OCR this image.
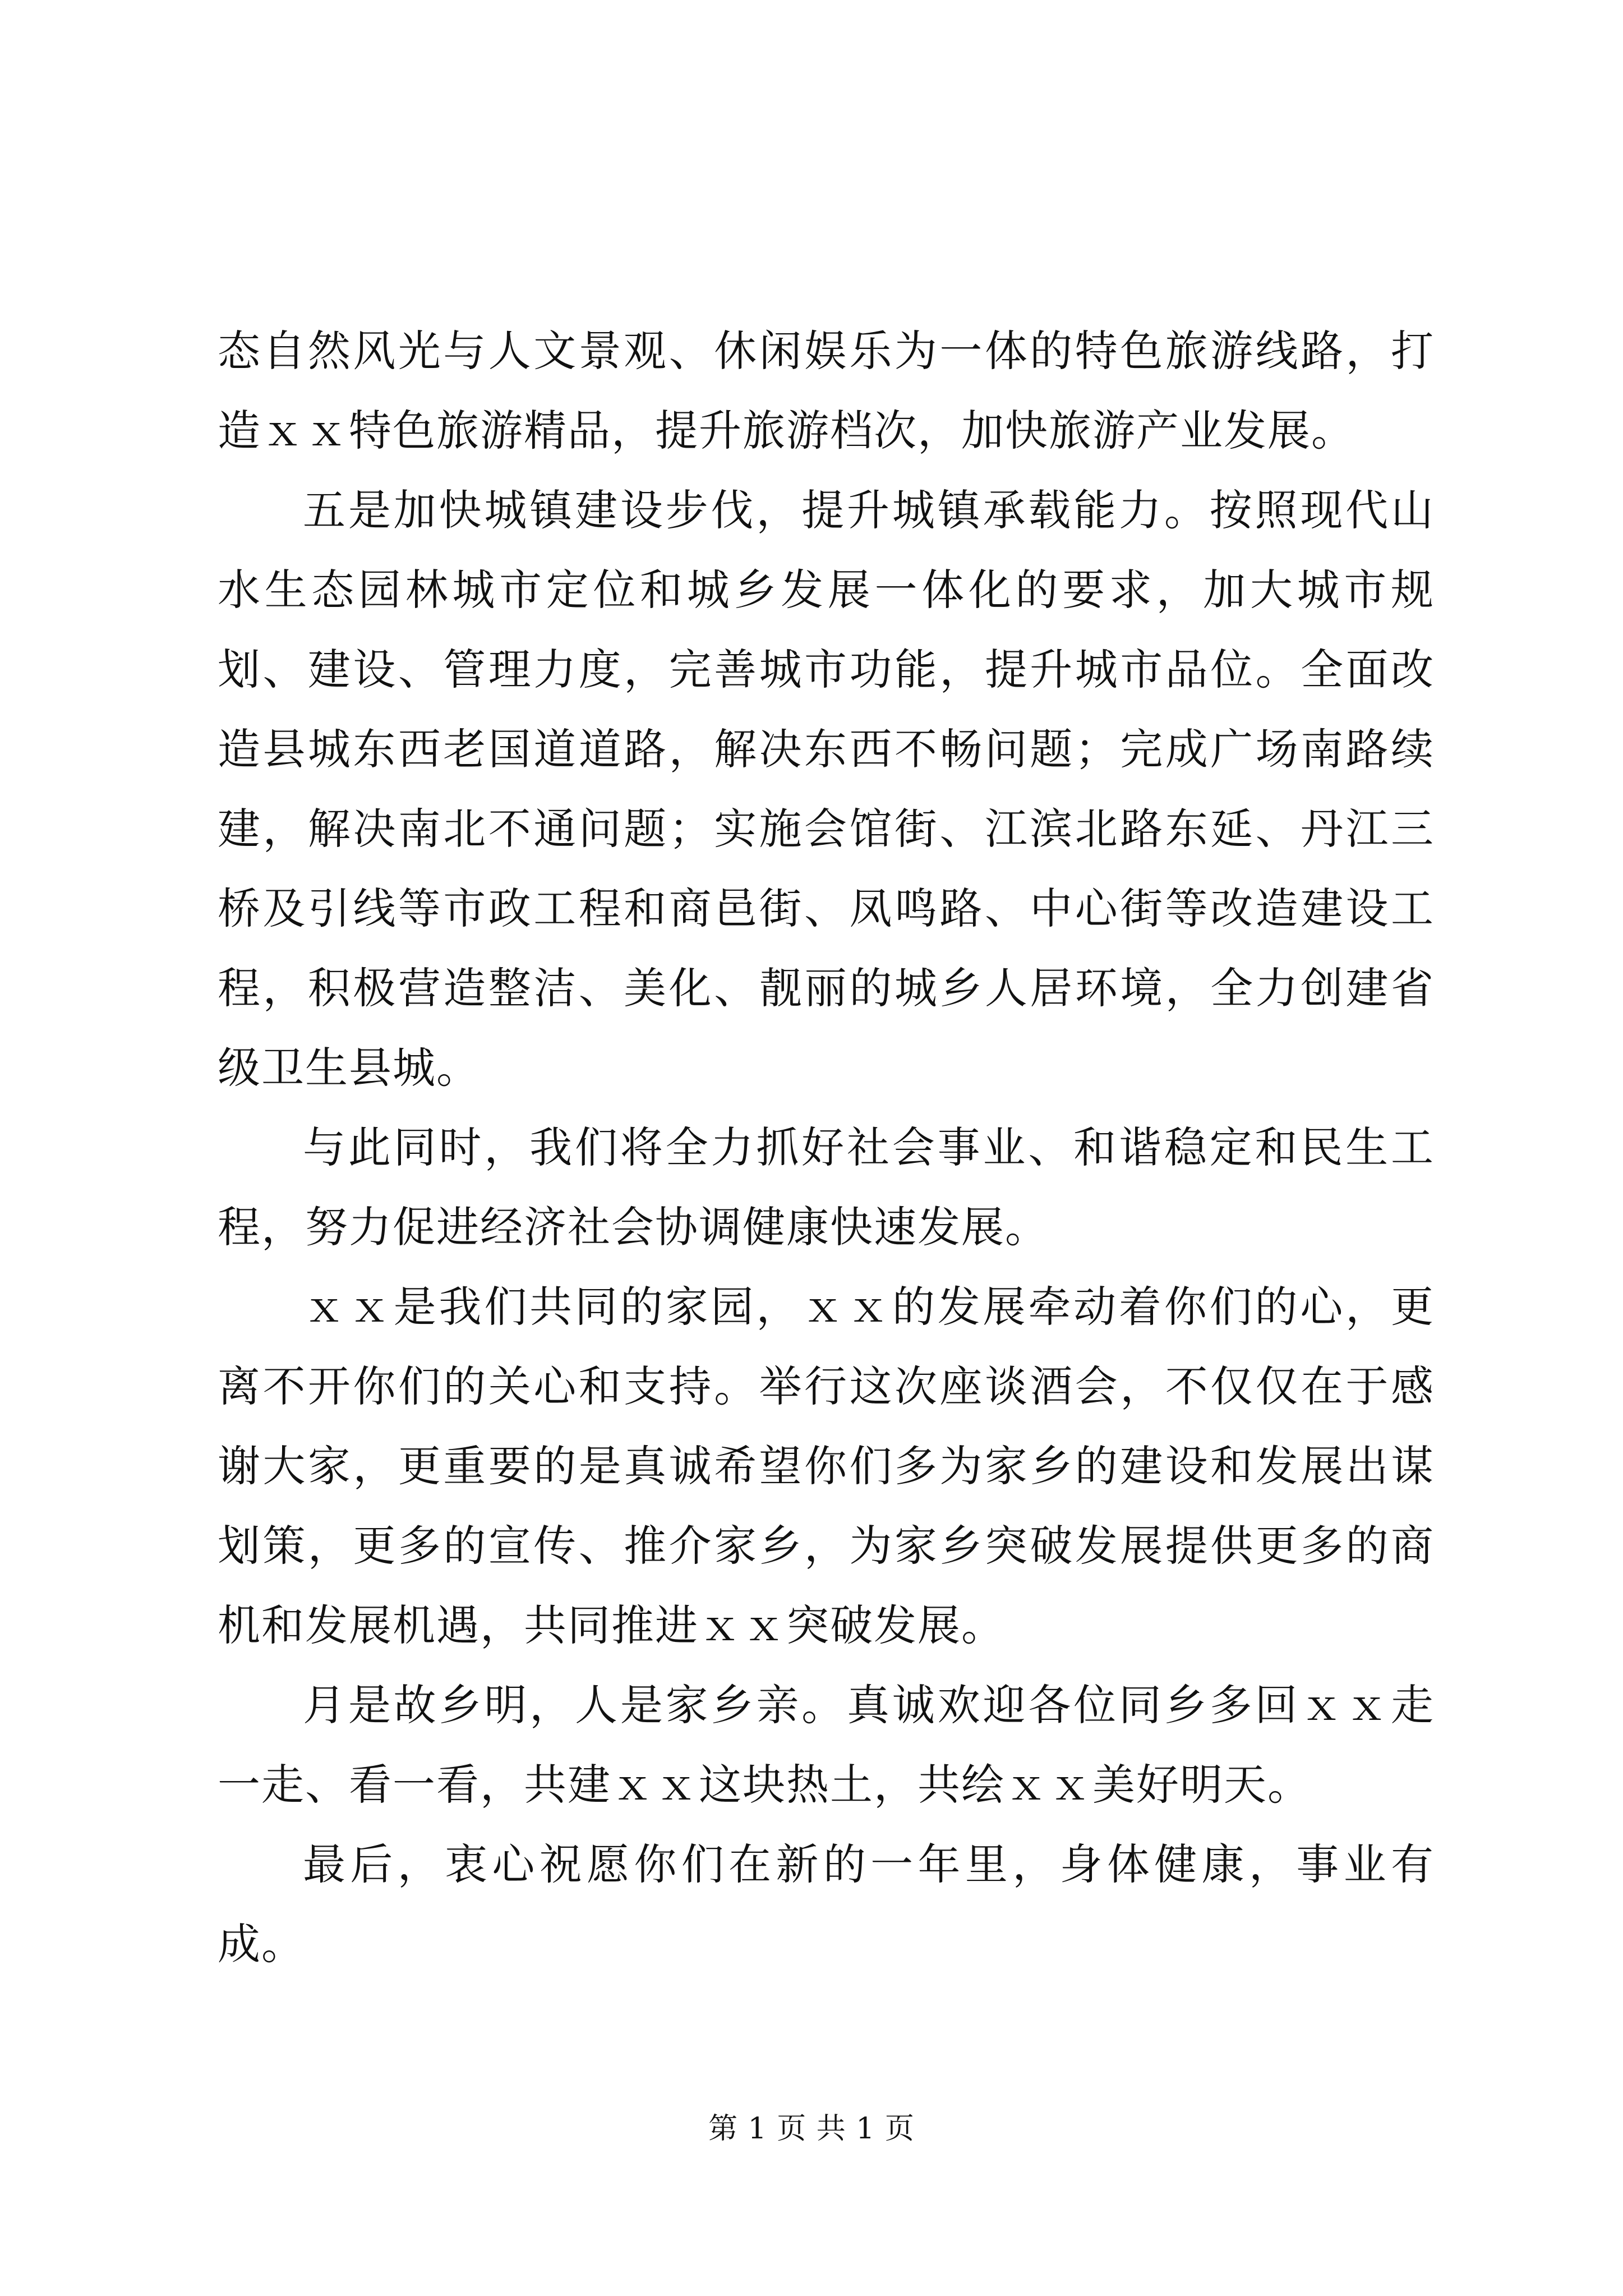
态自然风光与人文景观、休闲娱乐为一体的特色旅游线路，打造ｘｘ特色旅游精品，提升旅游档次，加快旅游产业发展。

五是加快城镇建设步伐，提升城镇承载能力。按照现代山水生态园林城市定位和城乡发展一体化的要求，加大城市规划、建设、管理力度，完善城市功能，提升城市品位。全面改造县城东西老国道道路，解决东西不畅问题；完成广场南路续建，解决南北不通问题；实施会馆街、江滨北路东延、丹江三桥及引线等市政工程和商邑街、凤鸣路、中心街等改造建设工程，积极营造整洁、美化、靓丽的城乡人居环境，全力创建省级卫生县城。

与此同时，我们将全力抓好社会事业、和谐稳定和民生工程，努力促进经济社会协调健康快速发展。

ｘｘ是我们共同的家园，ｘｘ的发展牵动着你们的心，更离不开你们的关心和支持。举行这次座谈酒会，不仅仅在于感谢大家，更重要的是真诚希望你们多为家乡的建设和发展出谋划策，更多的宣传、推介家乡，为家乡突破发展提供更多的商机和发展机遇，共同推进ｘｘ突破发展。

月是故乡明，人是家乡亲。真诚欢迎各位同乡多回ｘｘ走一走、看一看，共建ｘｘ这块热土，共绘ｘｘ美好明天。

最后，衷心祝愿你们在新的一年里，身体健康，事业有成。

第 1 页 共 1 页
